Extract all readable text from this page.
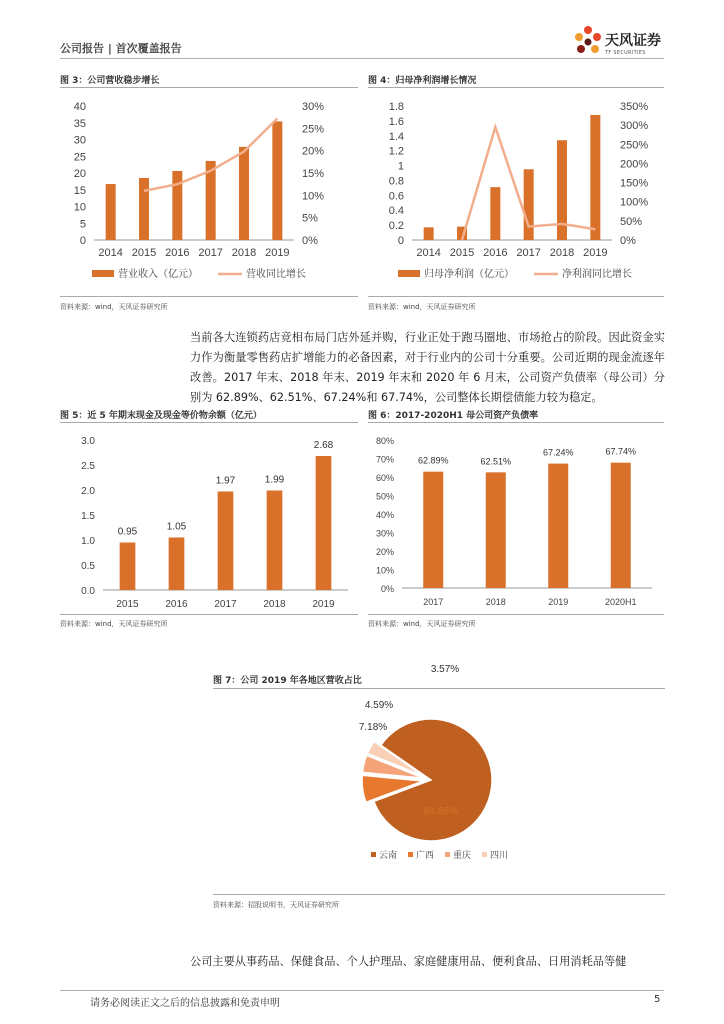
公司报告 | 首次覆盖报告	天风证券
TF SECURITIES
图 3：公司营收稳步增长
40
35
30
25
20
15
10
5
0
30%
25%
20%
15%
10%
5%
0%
2014 2015 2016 2017 2018 2019
营业收入（亿元）	营收同比增长
资料来源：wind，天风证券研究所
图 4：归母净利润增长情况
1.8
1.6
1.4
1.2
1
0.8
0.6
0.4
0.2
0
350%
300%
250%
200%
150%
100%
50%
0%
2014 2015 2016 2017 2018 2019
归母净利润（亿元）	净利润同比增长
资料来源：wind，天风证券研究所
当前各大连锁药店竞相布局门店外延并购，行业正处于跑马圈地、市场抢占的阶段。因此资金实力作为衡量零售药店扩增能力的必备因素，对于行业内的公司十分重要。公司近期的现金流逐年改善。2017 年末、2018 年末、2019 年末和 2020 年 6 月末，公司资产负债率（母公司）分别为 62.89%、62.51%、67.24%和 67.74%，公司整体长期偿债能力较为稳定。
图 5：近 5 年期末现金及现金等价物余额（亿元）
3.0
2.5
2.0
1.5
1.0
0.5
0.0
0.95
2015
1.05
2016
1.97
2017
1.99
2018
2.68
2019
资料来源：wind，天风证券研究所
图 6：2017-2020H1 母公司资产负债率
80%
70%
60%
50%
40%
30%
20%
10%
0%
62.89%
2017
62.51%
2018
67.24%
2019
67.74%
2020H1
资料来源：wind，天风证券研究所
图 7：公司 2019 年各地区营收占比
84.66%
7.18%
4.59%
3.57%
云南 广西 重庆 四川
资料来源：招股说明书，天风证券研究所
公司主要从事药品、保健食品、个人护理品、家庭健康用品、便利食品、日用消耗品等健
请务必阅读正文之后的信息披露和免责申明	5
